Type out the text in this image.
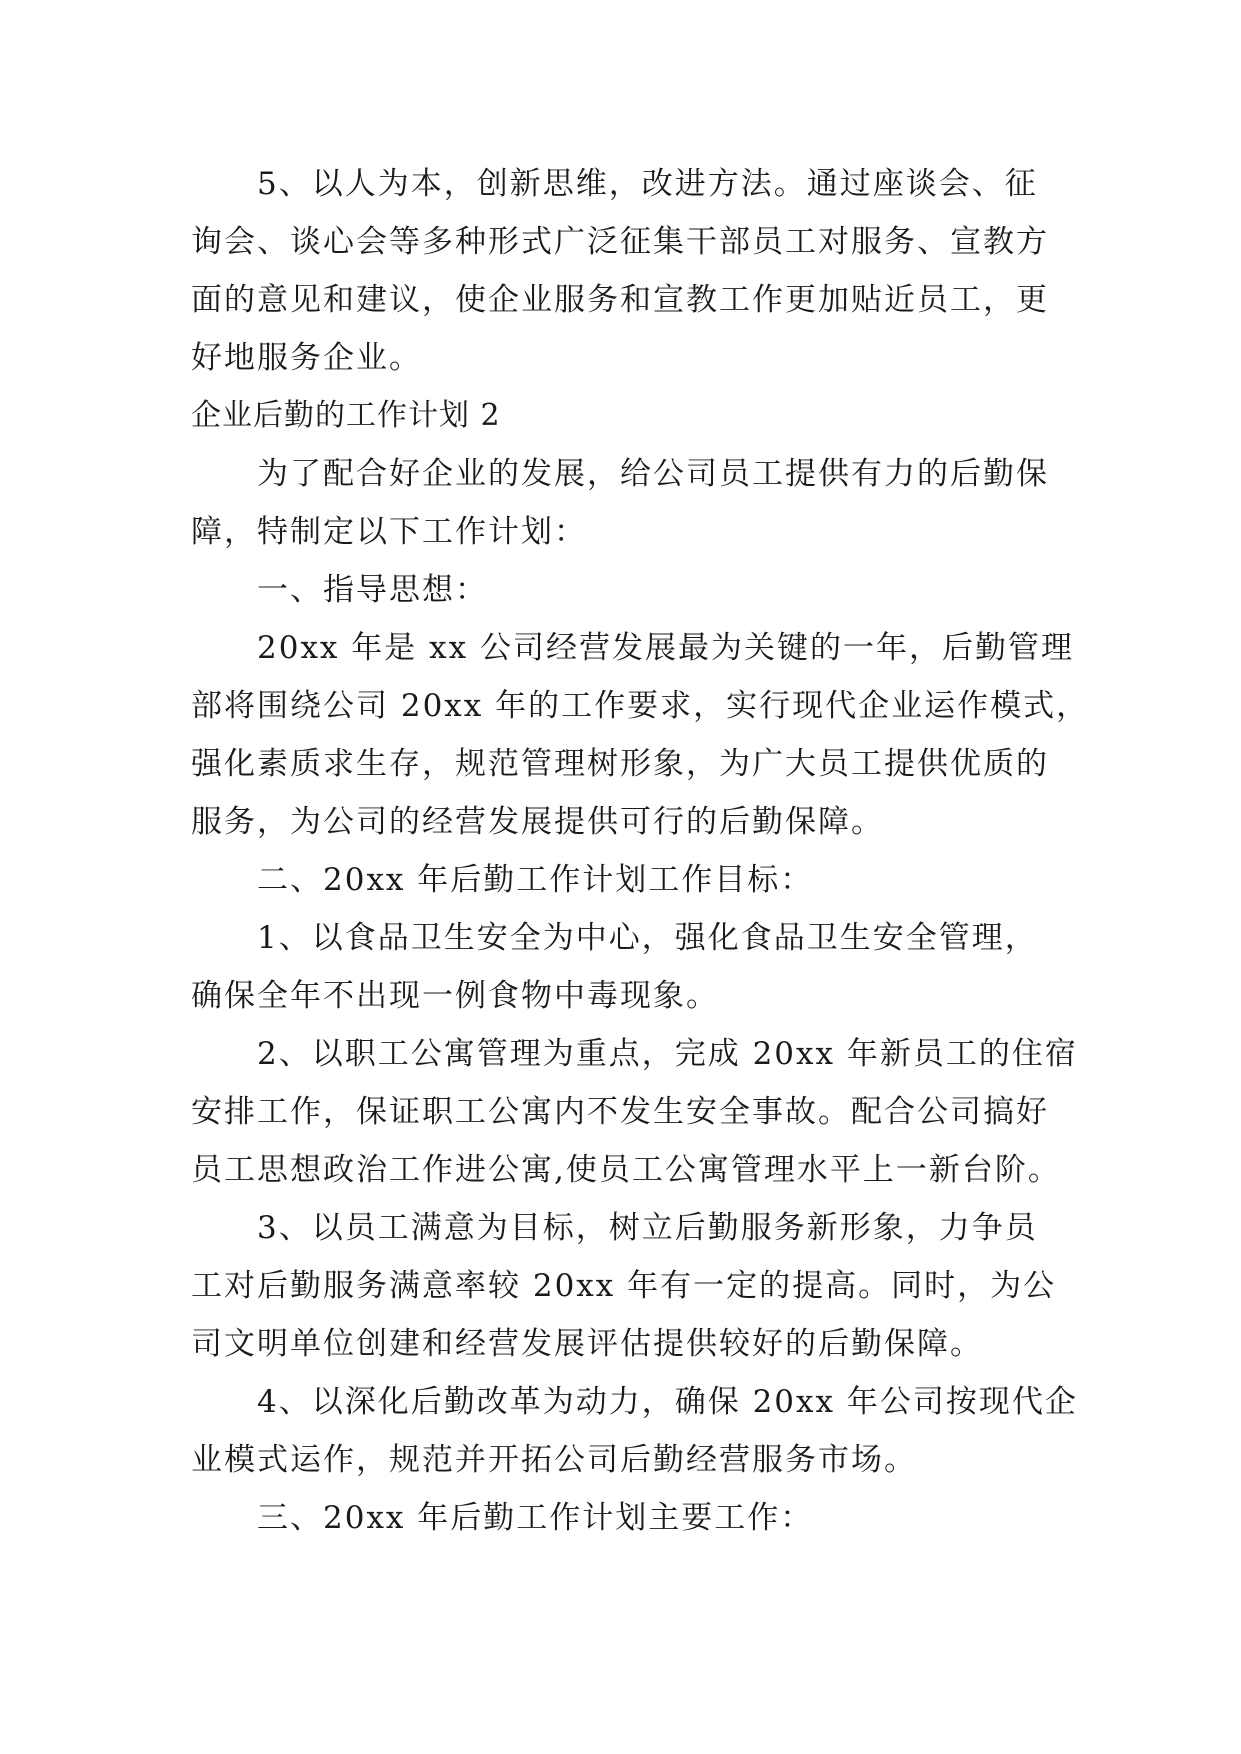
5、以人为本，创新思维，改进方法。通过座谈会、征
询会、谈心会等多种形式广泛征集干部员工对服务、宣教方
面的意见和建议，使企业服务和宣教工作更加贴近员工，更
好地服务企业。
企业后勤的工作计划 2
为了配合好企业的发展，给公司员工提供有力的后勤保
障，特制定以下工作计划：
一、指导思想：
20xx 年是 xx 公司经营发展最为关键的一年，后勤管理
部将围绕公司 20xx 年的工作要求，实行现代企业运作模式，
强化素质求生存，规范管理树形象，为广大员工提供优质的
服务，为公司的经营发展提供可行的后勤保障。
二、20xx 年后勤工作计划工作目标：
1、以食品卫生安全为中心，强化食品卫生安全管理，
确保全年不出现一例食物中毒现象。
2、以职工公寓管理为重点，完成 20xx 年新员工的住宿
安排工作，保证职工公寓内不发生安全事故。配合公司搞好
员工思想政治工作进公寓,使员工公寓管理水平上一新台阶。
3、以员工满意为目标，树立后勤服务新形象，力争员
工对后勤服务满意率较 20xx 年有一定的提高。同时，为公
司文明单位创建和经营发展评估提供较好的后勤保障。
4、以深化后勤改革为动力，确保 20xx 年公司按现代企
业模式运作，规范并开拓公司后勤经营服务市场。
三、20xx 年后勤工作计划主要工作：
